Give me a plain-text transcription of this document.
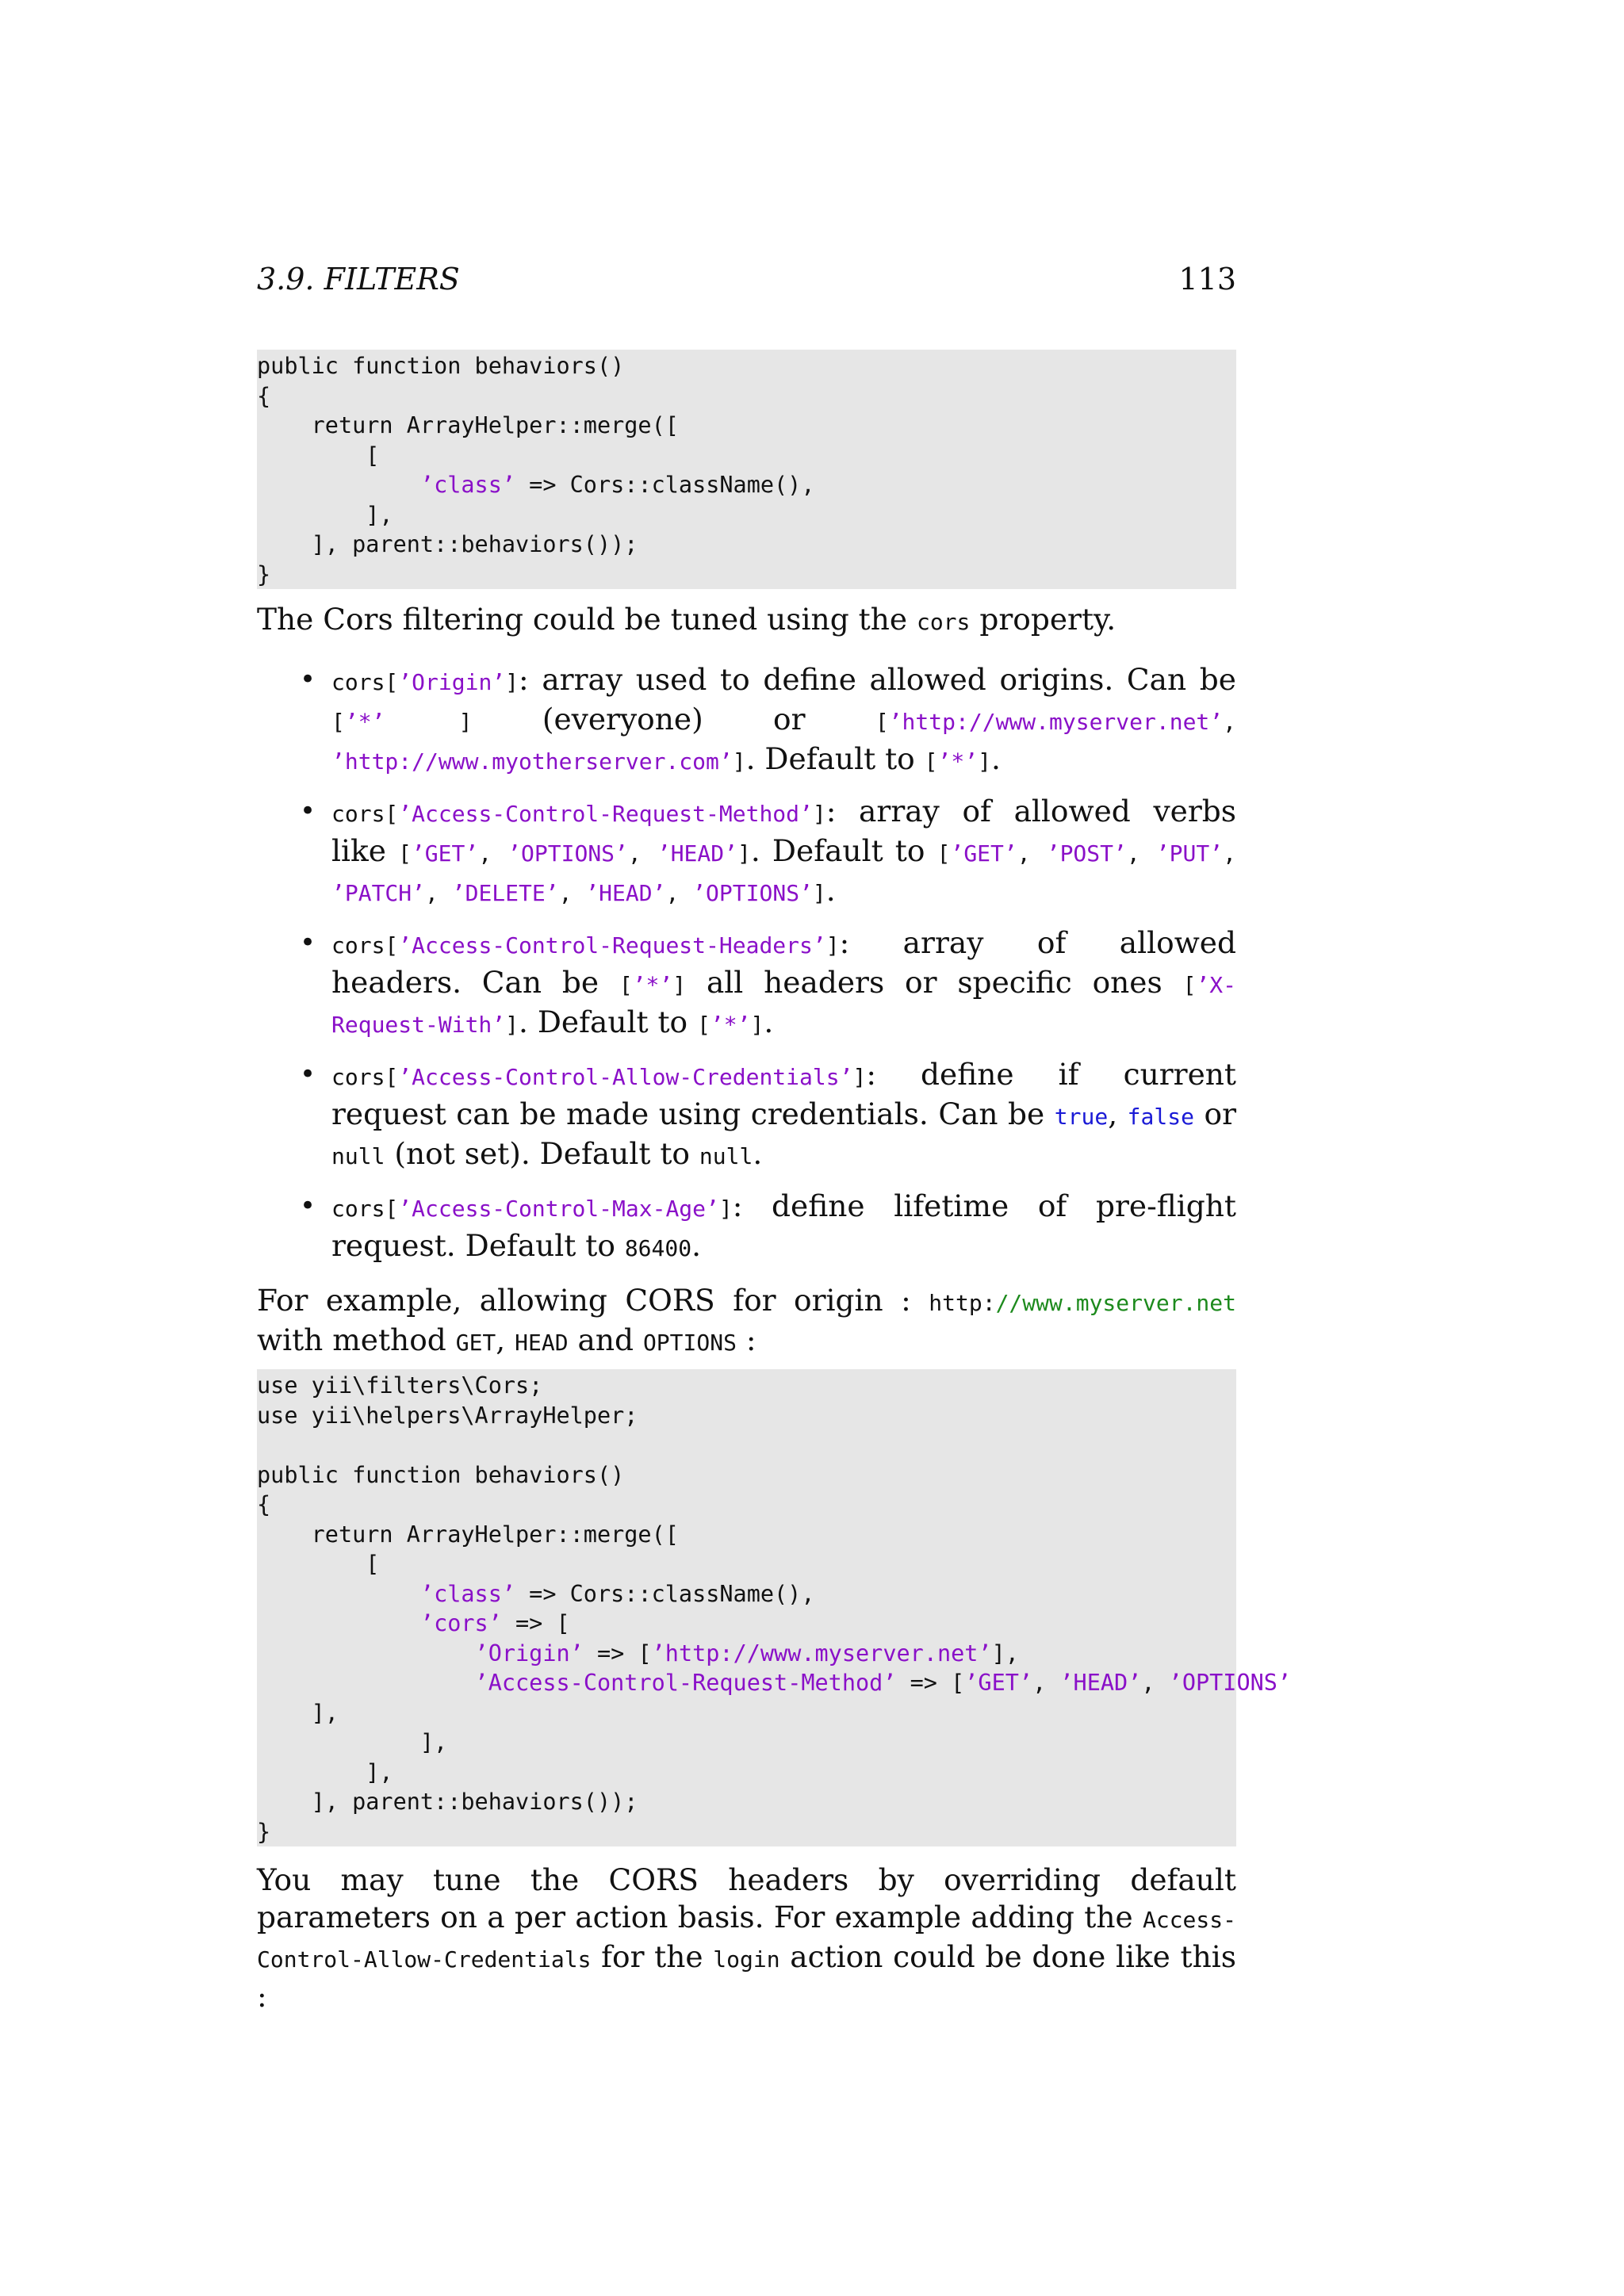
3.9. FILTERS	113
public function behaviors()
{
return ArrayHelper::merge([
[
’class’ => Cors::className(),
],
], parent::behaviors());
}
The Cors filtering could be tuned using the cors property.
• cors[’Origin’]: array used to define allowed origins. Can be [’*’ ] (everyone) or [’http://www.myserver.net’, ’http://www.myotherserver.com’]. Default to [’*’].
• cors[’Access-Control-Request-Method’]: array of allowed verbs like [’GET’, ’OPTIONS’, ’HEAD’]. Default to [’GET’, ’POST’, ’PUT’, ’PATCH’, ’DELETE’, ’HEAD’, ’OPTIONS’].
• cors[’Access-Control-Request-Headers’]: array of allowed headers. Can be [’*’] all headers or specific ones [’X-Request-With’]. Default to [’*’].
• cors[’Access-Control-Allow-Credentials’]: define if current request can be made using credentials. Can be true, false or null (not set). Default to null.
• cors[’Access-Control-Max-Age’]: define lifetime of pre-flight request. Default to 86400.
For example, allowing CORS for origin : http://www.myserver.net with method GET, HEAD and OPTIONS :
use yii\filters\Cors;
use yii\helpers\ArrayHelper;
public function behaviors()
{
return ArrayHelper::merge([
[
’class’ => Cors::className(),
’cors’ => [
’Origin’ => [’http://www.myserver.net’],
’Access-Control-Request-Method’ => [’GET’, ’HEAD’, ’OPTIONS’
],
],
],
], parent::behaviors());
}
You may tune the CORS headers by overriding default parameters on a per action basis. For example adding the Access-Control-Allow-Credentials for the login action could be done like this :
